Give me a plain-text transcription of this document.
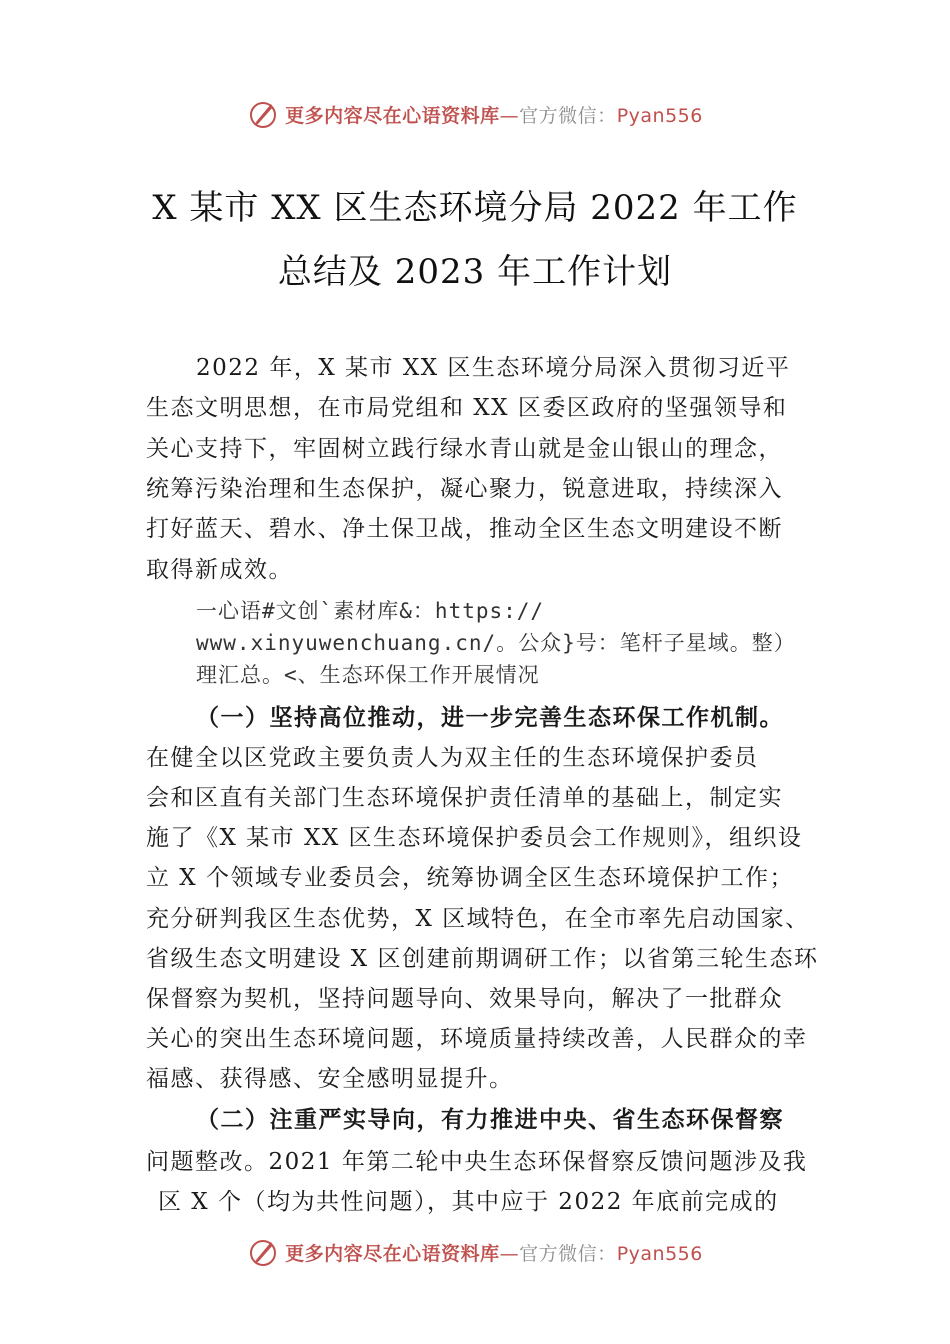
更多内容尽在心语资料库—官方微信：Pyan556
X 某市 XX 区生态环境分局 2022 年工作
总结及 2023 年工作计划
2022 年，X 某市 XX 区生态环境分局深入贯彻习近平
生态文明思想，在市局党组和 XX 区委区政府的坚强领导和
关心支持下，牢固树立践行绿水青山就是金山银山的理念，
统筹污染治理和生态保护，凝心聚力，锐意进取，持续深入
打好蓝天、碧水、净土保卫战，推动全区生态文明建设不断
取得新成效。
一心语#文创`素材库&：https://
www.xinyuwenchuang.cn/。公众}号：笔杆子星域。整）
理汇总。<、生态环保工作开展情况
（一）坚持高位推动，进一步完善生态环保工作机制。
在健全以区党政主要负责人为双主任的生态环境保护委员
会和区直有关部门生态环境保护责任清单的基础上，制定实
施了《X 某市 XX 区生态环境保护委员会工作规则》，组织设
立 X 个领域专业委员会，统筹协调全区生态环境保护工作；
充分研判我区生态优势，X 区域特色，在全市率先启动国家、
省级生态文明建设 X 区创建前期调研工作；以省第三轮生态环
保督察为契机，坚持问题导向、效果导向，解决了一批群众
关心的突出生态环境问题，环境质量持续改善，人民群众的幸
福感、获得感、安全感明显提升。
（二）注重严实导向，有力推进中央、省生态环保督察
问题整改。2021 年第二轮中央生态环保督察反馈问题涉及我
区 X 个（均为共性问题），其中应于 2022 年底前完成的
更多内容尽在心语资料库—官方微信：Pyan556
